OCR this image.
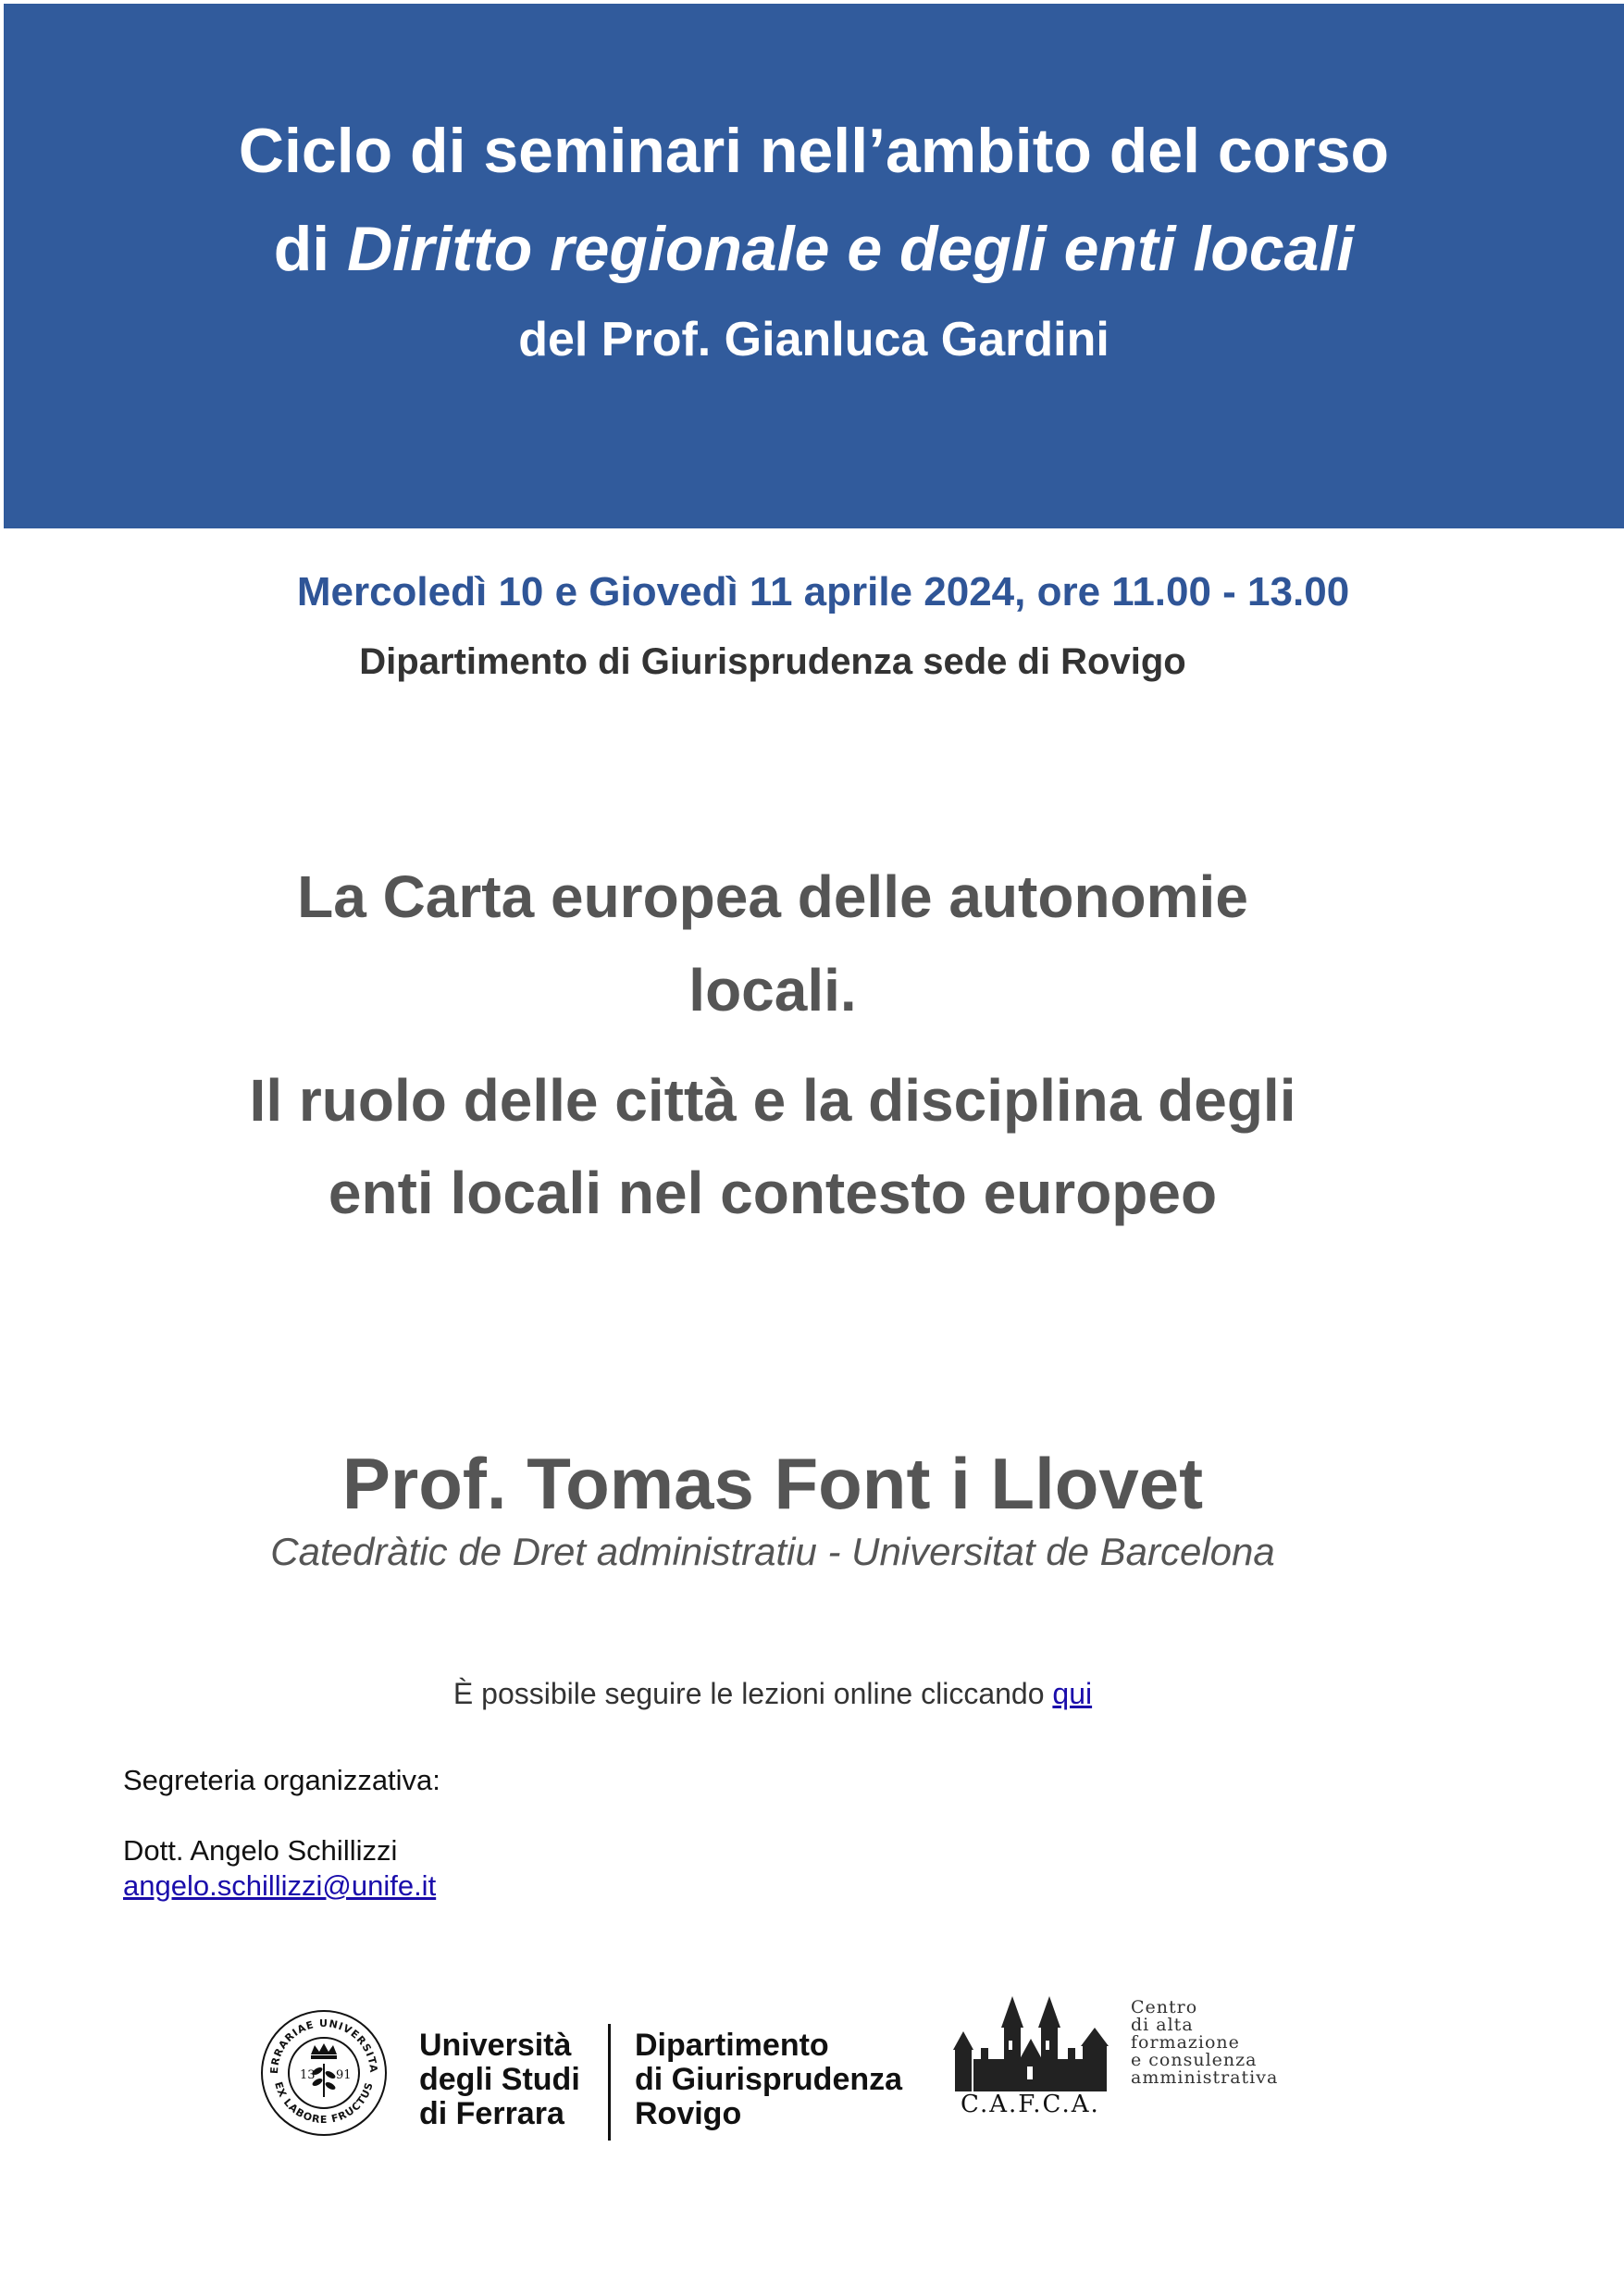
Ciclo di seminari nell’ambito del corso
di Diritto regionale e degli enti locali
del Prof. Gianluca Gardini
Mercoledì 10 e Giovedì 11 aprile 2024, ore 11.00 - 13.00
Dipartimento di Giurisprudenza sede di Rovigo
La Carta europea delle autonomie
locali.
Il ruolo delle città e la disciplina degli
enti locali nel contesto europeo
Prof. Tomas Font i Llovet
Catedràtic de Dret administratiu - Universitat de Barcelona
È possibile seguire le lezioni online cliccando qui
Segreteria organizzativa:
Dott. Angelo Schillizzi
angelo.schillizzi@unife.it
ERRARIAE UNIVERSITA
EX LABORE FRUCTUS
13 91
Università
degli Studi
di Ferrara
Dipartimento
di Giurisprudenza
Rovigo	C.A.F.C.A.
Centro
di alta
formazione
e consulenza
amministrativa
